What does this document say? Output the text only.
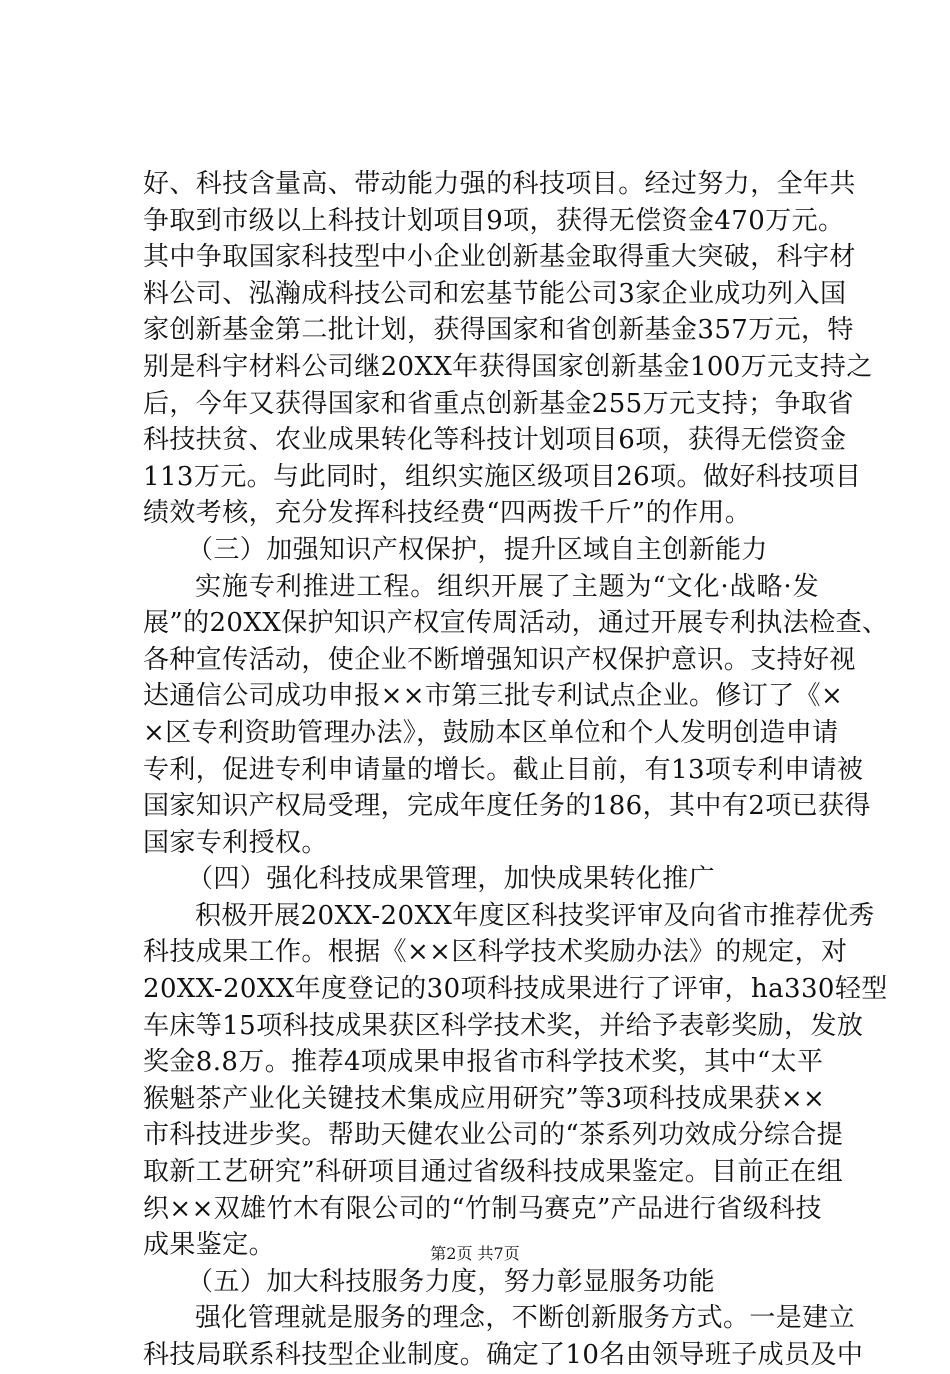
好、科技含量高、带动能力强的科技项目。经过努力，全年共
争取到市级以上科技计划项目9项，获得无偿资金470万元。
其中争取国家科技型中小企业创新基金取得重大突破，科宇材
料公司、泓瀚成科技公司和宏基节能公司3家企业成功列入国
家创新基金第二批计划，获得国家和省创新基金357万元，特
别是科宇材料公司继20XX年获得国家创新基金100万元支持之
后，今年又获得国家和省重点创新基金255万元支持；争取省
科技扶贫、农业成果转化等科技计划项目6项，获得无偿资金
113万元。与此同时，组织实施区级项目26项。做好科技项目
绩效考核，充分发挥科技经费“四两拨千斤”的作用。
（三）加强知识产权保护，提升区域自主创新能力
实施专利推进工程。组织开展了主题为“文化·战略·发
展”的20XX保护知识产权宣传周活动，通过开展专利执法检查、
各种宣传活动，使企业不断增强知识产权保护意识。支持好视
达通信公司成功申报××市第三批专利试点企业。修订了《×
×区专利资助管理办法》，鼓励本区单位和个人发明创造申请
专利，促进专利申请量的增长。截止目前，有13项专利申请被
国家知识产权局受理，完成年度任务的186，其中有2项已获得
国家专利授权。
（四）强化科技成果管理，加快成果转化推广
积极开展20XX-20XX年度区科技奖评审及向省市推荐优秀
科技成果工作。根据《××区科学技术奖励办法》的规定，对
20XX-20XX年度登记的30项科技成果进行了评审，ha330轻型
车床等15项科技成果获区科学技术奖，并给予表彰奖励，发放
奖金8.8万。推荐4项成果申报省市科学技术奖，其中“太平
猴魁茶产业化关键技术集成应用研究”等3项科技成果获××
市科技进步奖。帮助天健农业公司的“茶系列功效成分综合提
取新工艺研究”科研项目通过省级科技成果鉴定。目前正在组
织××双雄竹木有限公司的“竹制马赛克”产品进行省级科技
成果鉴定。
（五）加大科技服务力度，努力彰显服务功能
强化管理就是服务的理念，不断创新服务方式。一是建立
科技局联系科技型企业制度。确定了10名由领导班子成员及中
第2页 共7页
